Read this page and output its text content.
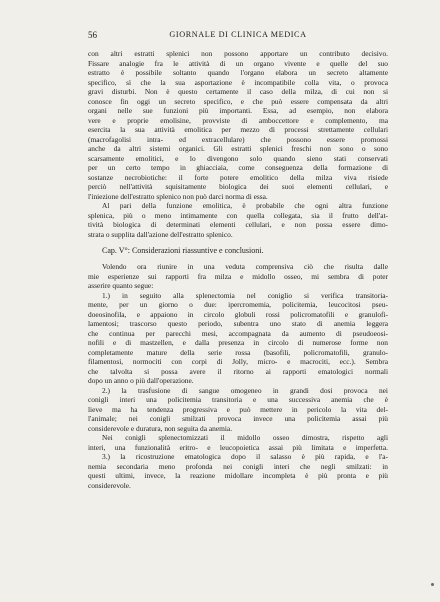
56	GIORNALE DI CLINICA MEDICA
con altri estratti splenici non possono apportare un contributo decisivo.
Fissare analogie fra le attività di un organo vivente e quelle del suo
estratto è possibile soltanto quando l'organo elabora un secreto altamente
specifico, sì che la sua asportazione è incompatibile colla vita, o provoca
gravi disturbi. Non è questo certamente il caso della milza, di cui non si
conosce fin oggi un secreto specifico, e che può essere compensata da altri
organi nelle sue funzioni più importanti. Essa, ad esempio, non elabora
vere e proprie emolisine, provviste di amboccettore e complemento, ma
esercita la sua attività emolitica per mezzo di processi strettamente cellulari
(macrofagolisi intra- ed extracellulare) che possono essere promossi
anche da altri sistemi organici. Gli estratti splenici freschi non sono o sono
scarsamente emolitici, e lo divengono solo quando sieno stati conservati
per un certo tempo in ghiacciaia, come conseguenza della formazione di
sostanze necrobiotiche: il forte potere emolitico della milza viva risiede
perciò nell'attività squisitamente biologica dei suoi elementi cellulari, e
l'iniezione dell'estratto splenico non può darci norma di essa.
Al pari della funzione emolitica, è probabile che ogni altra funzione
splenica, più o meno intimamente con quella collegata, sia il frutto dell'at-
tività biologica di determinati elementi cellulari, e non possa essere dimo-
strata o supplita dall'azione dell'estratto splenico.
Cap. V°: Considerazioni riassuntive e conclusioni.
Volendo ora riunire in una veduta comprensiva ciò che risulta dalle
mie esperienze sui rapporti fra milza e midollo osseo, mi sembra di poter
asserire quanto segue:
1.) in seguito alla splenectomia nel coniglio si verifica transitoria-
mente, per un giorno o due: ipercromemia, policitemia, leucocitosi pseu-
doeosinofila, e appaiono in circolo globuli rossi policromatofili e granulofi-
lamentosi; trascorso questo periodo, subentra uno stato di anemia leggera
che continua per parecchi mesi, accompagnata da aumento di pseudoeosi-
nofili e di mastzellen, e dalla presenza in circolo di numerose forme non
completamente mature della serie rossa (basofili, policromatofili, granulo-
filamentosi, normociti con corpi di Jolly, micro- e macrociti, ecc.). Sembra
che talvolta si possa avere il ritorno ai rapporti ematologici normali
dopo un anno o più dall'operazione.
2.) la trasfusione di sangue omogeneo in grandi dosi provoca nei
conigli interi una policitemia transitoria e una successiva anemia che è
lieve ma ha tendenza progressiva e può mettere in pericolo la vita del-
l'animale; nei conigli smilzati provoca invece una policitemia assai più
considerevole e duratura, non seguita da anemia.
Nei conigli splenectomizzati il midollo osseo dimostra, rispetto agli
interi, una funzionalità eritro- e leucopoietica assai più limitata e imperfetta.
3.) la ricostruzione ematologica dopo il salasso è più rapida, e l'a-
nemia secondaria meno profonda nei conigli interi che negli smilzati: in
questi ultimi, invece, la reazione midollare incompleta è più pronta e più
considerevole.
